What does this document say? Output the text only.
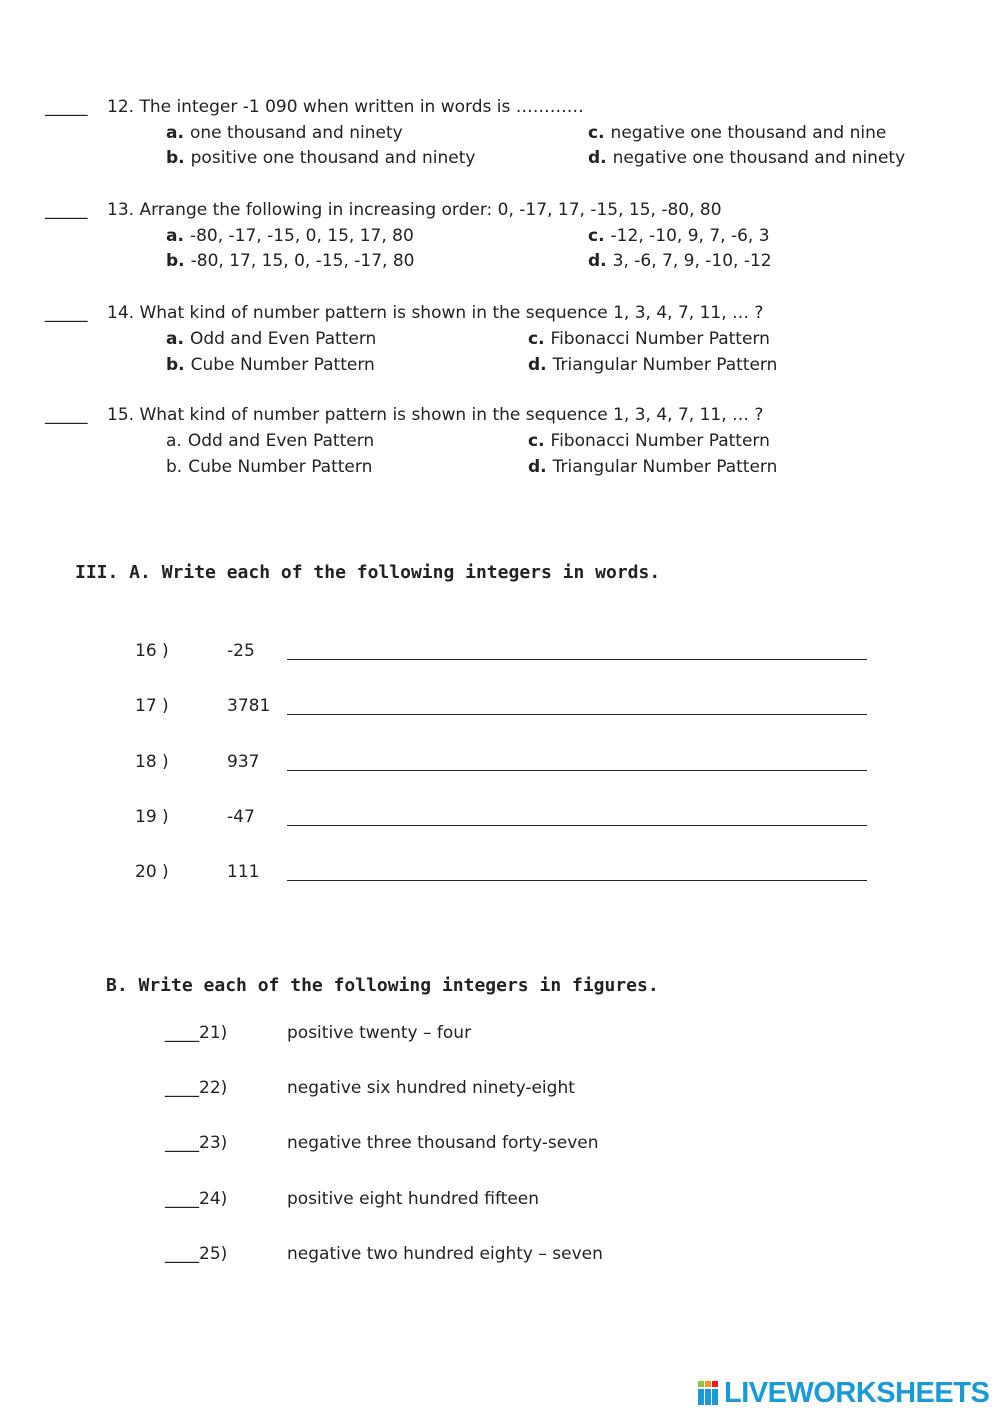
_____ 12. The integer -1 090 when written in words is …………
a. one thousand and ninety	c. negative one thousand and nine
b. positive one thousand and ninety	d. negative one thousand and ninety
_____ 13. Arrange the following in increasing order: 0, -17, 17, -15, 15, -80, 80
a. -80, -17, -15, 0, 15, 17, 80	c. -12, -10, 9, 7, -6, 3
b. -80, 17, 15, 0, -15, -17, 80	d. 3, -6, 7, 9, -10, -12
_____ 14. What kind of number pattern is shown in the sequence 1, 3, 4, 7, 11, … ?
a. Odd and Even Pattern	c. Fibonacci Number Pattern
b. Cube Number Pattern	d. Triangular Number Pattern
_____ 15. What kind of number pattern is shown in the sequence 1, 3, 4, 7, 11, … ?
a. Odd and Even Pattern	c. Fibonacci Number Pattern
b. Cube Number Pattern	d. Triangular Number Pattern
III. A. Write each of the following integers in words.
16 )	-25
17 )	3781
18 )	937
19 )	-47
20 )	111
B. Write each of the following integers in figures.
____21)	positive twenty – four
____22)	negative six hundred ninety-eight
____23)	negative three thousand forty-seven
____24)	positive eight hundred fifteen
____25)	negative two hundred eighty – seven
LIVEWORKSHEETS
